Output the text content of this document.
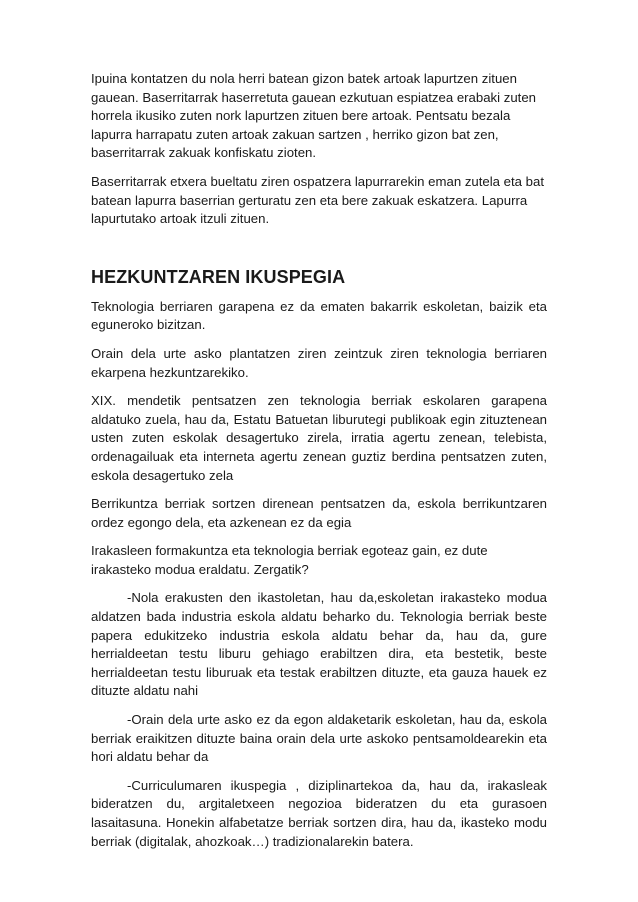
Ipuina kontatzen du nola herri batean gizon batek artoak lapurtzen zituen gauean. Baserritarrak haserretuta gauean ezkutuan espiatzea erabaki zuten horrela ikusiko zuten nork lapurtzen zituen bere artoak. Pentsatu bezala lapurra harrapatu zuten artoak zakuan sartzen , herriko gizon bat zen, baserritarrak zakuak konfiskatu zioten.

Baserritarrak etxera bueltatu ziren ospatzera lapurrarekin eman zutela eta bat batean lapurra baserrian gerturatu zen eta bere zakuak eskatzera. Lapurra lapurtutako artoak itzuli zituen.

HEZKUNTZAREN IKUSPEGIA

Teknologia berriaren garapena ez da ematen bakarrik eskoletan, baizik eta eguneroko bizitzan.

Orain dela urte asko plantatzen ziren zeintzuk ziren teknologia berriaren ekarpena hezkuntzarekiko.

XIX. mendetik pentsatzen zen teknologia berriak eskolaren garapena aldatuko zuela, hau da, Estatu Batuetan liburutegi publikoak egin zituztenean usten zuten eskolak desagertuko zirela, irratia agertu zenean, telebista, ordenagailuak eta interneta agertu zenean guztiz berdina pentsatzen zuten, eskola desagertuko zela

Berrikuntza berriak sortzen direnean pentsatzen da, eskola berrikuntzaren ordez egongo dela, eta azkenean ez da egia

Irakasleen formakuntza eta teknologia berriak egoteaz gain, ez dute irakasteko modua eraldatu. Zergatik?

-Nola erakusten den ikastoletan, hau da,eskoletan irakasteko modua aldatzen bada industria eskola aldatu beharko du. Teknologia berriak beste papera edukitzeko industria eskola aldatu behar da, hau da, gure herrialdeetan testu liburu gehiago erabiltzen dira, eta bestetik, beste herrialdeetan testu liburuak eta testak erabiltzen dituzte, eta gauza hauek ez dituzte aldatu nahi

-Orain dela urte asko ez da egon aldaketarik eskoletan, hau da, eskola berriak eraikitzen dituzte baina orain dela urte askoko pentsamoldearekin eta hori aldatu behar da

-Curriculumaren ikuspegia , diziplinartekoa da, hau da, irakasleak bideratzen du, argitaletxeen negozioa bideratzen du eta gurasoen lasaitasuna. Honekin alfabetatze berriak sortzen dira, hau da, ikasteko modu berriak (digitalak, ahozkoak…) tradizionalarekin batera.
